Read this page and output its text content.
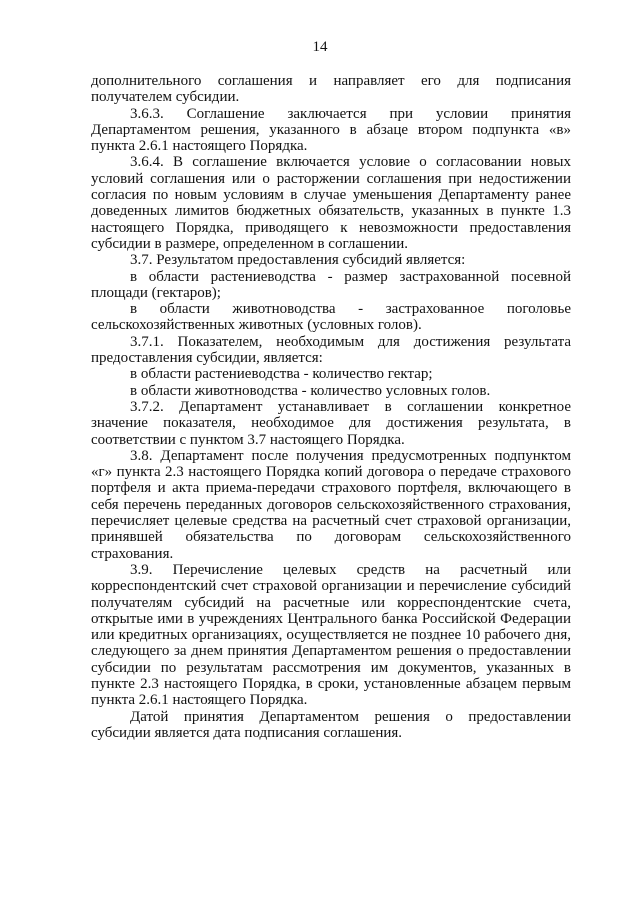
14

дополнительного соглашения и направляет его для подписания получателем субсидии.

3.6.3. Соглашение заключается при условии принятия Департаментом решения, указанного в абзаце втором подпункта «в» пункта 2.6.1 настоящего Порядка.

3.6.4. В соглашение включается условие о согласовании новых условий соглашения или о расторжении соглашения при недостижении согласия по новым условиям в случае уменьшения Департаменту ранее доведенных лимитов бюджетных обязательств, указанных в пункте 1.3 настоящего Порядка, приводящего к невозможности предоставления субсидии в размере, определенном в соглашении.

3.7. Результатом предоставления субсидий является:

в области растениеводства - размер застрахованной посевной площади (гектаров);

в области животноводства - застрахованное поголовье сельскохозяйственных животных (условных голов).

3.7.1. Показателем, необходимым для достижения результата предоставления субсидии, является:

в области растениеводства - количество гектар;

в области животноводства - количество условных голов.

3.7.2. Департамент устанавливает в соглашении конкретное значение показателя, необходимое для достижения результата, в соответствии с пунктом 3.7 настоящего Порядка.

3.8. Департамент после получения предусмотренных подпунктом «г» пункта 2.3 настоящего Порядка копий договора о передаче страхового портфеля и акта приема-передачи страхового портфеля, включающего в себя перечень переданных договоров сельскохозяйственного страхования, перечисляет целевые средства на расчетный счет страховой организации, принявшей обязательства по договорам сельскохозяйственного страхования.

3.9. Перечисление целевых средств на расчетный или корреспондентский счет страховой организации и перечисление субсидий получателям субсидий на расчетные или корреспондентские счета, открытые ими в учреждениях Центрального банка Российской Федерации или кредитных организациях, осуществляется не позднее 10 рабочего дня, следующего за днем принятия Департаментом решения о предоставлении субсидии по результатам рассмотрения им документов, указанных в пункте 2.3 настоящего Порядка, в сроки, установленные абзацем первым пункта 2.6.1 настоящего Порядка.

Датой принятия Департаментом решения о предоставлении субсидии является дата подписания соглашения.
